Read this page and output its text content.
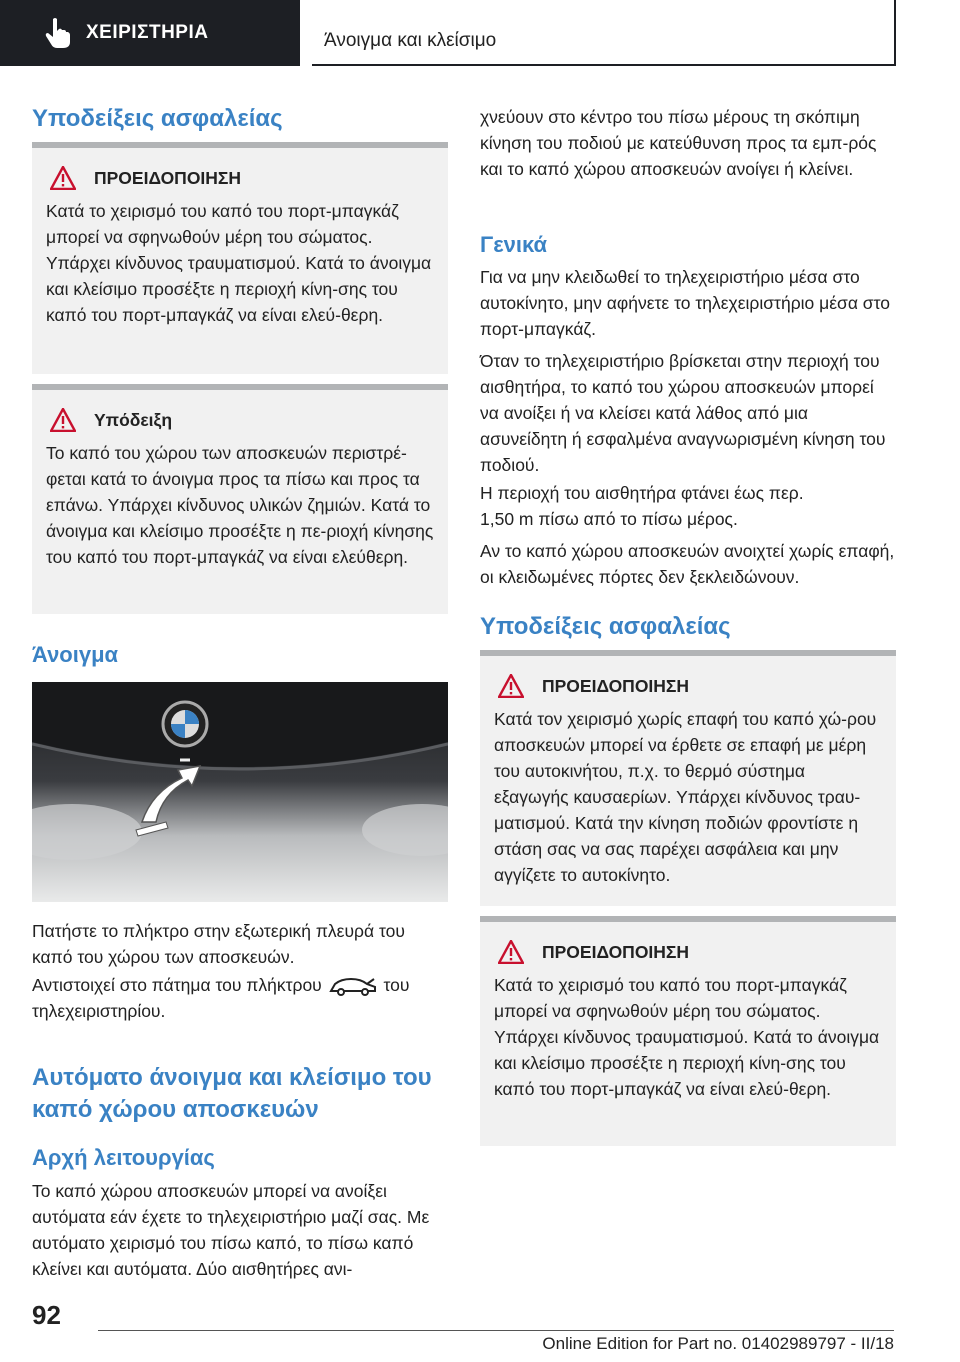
ΧΕΙΡΙΣΤΗΡΙΑ	Άνοιγμα και κλείσιμο
Υποδείξεις ασφαλείας
ΠΡΟΕΙΔΟΠΟΙΗΣΗ
Κατά το χειρισμό του καπό του πορτ-μπαγκάζ μπορεί να σφηνωθούν μέρη του σώματος. Υπάρχει κίνδυνος τραυματισμού. Κατά το άνοιγμα και κλείσιμο προσέξτε η περιοχή κίνη-σης του καπό του πορτ-μπαγκάζ να είναι ελεύ-θερη.
Υπόδειξη
Το καπό του χώρου των αποσκευών περιστρέ-φεται κατά το άνοιγμα προς τα πίσω και προς τα επάνω. Υπάρχει κίνδυνος υλικών ζημιών. Κατά το άνοιγμα και κλείσιμο προσέξτε η πε-ριοχή κίνησης του καπό του πορτ-μπαγκάζ να είναι ελεύθερη.
Άνοιγμα
Πατήστε το πλήκτρο στην εξωτερική πλευρά του καπό του χώρου των αποσκευών.
Αντιστοιχεί στο πάτημα του πλήκτρου	του τηλεχειριστηρίου.
Αυτόματο άνοιγμα και κλείσιμο του καπό χώρου αποσκευών
Αρχή λειτουργίας
Το καπό χώρου αποσκευών μπορεί να ανοίξει αυτόματα εάν έχετε το τηλεχειριστήριο μαζί σας. Με αυτόματο χειρισμό του πίσω καπό, το πίσω καπό κλείνει και αυτόματα. Δύο αισθητήρες ανι-
χνεύουν στο κέντρο του πίσω μέρους τη σκόπιμη κίνηση του ποδιού με κατεύθυνση προς τα εμπ-ρός και το καπό χώρου αποσκευών ανοίγει ή κλείνει.
Γενικά
Για να μην κλειδωθεί το τηλεχειριστήριο μέσα στο αυτοκίνητο, μην αφήνετε το τηλεχειριστήριο μέσα στο πορτ-μπαγκάζ.
Όταν το τηλεχειριστήριο βρίσκεται στην περιοχή του αισθητήρα, το καπό του χώρου αποσκευών μπορεί να ανοίξει ή να κλείσει κατά λάθος από μια ασυνείδητη ή εσφαλμένα αναγνωρισμένη κίνηση του ποδιού.
Η περιοχή του αισθητήρα φτάνει έως περ.
1,50 m πίσω από το πίσω μέρος.
Αν το καπό χώρου αποσκευών ανοιχτεί χωρίς επαφή, οι κλειδωμένες πόρτες δεν ξεκλειδώνουν.
Υποδείξεις ασφαλείας
ΠΡΟΕΙΔΟΠΟΙΗΣΗ
Κατά τον χειρισμό χωρίς επαφή του καπό χώ-ρου αποσκευών μπορεί να έρθετε σε επαφή με μέρη του αυτοκινήτου, π.χ. το θερμό σύστημα εξαγωγής καυσαερίων. Υπάρχει κίνδυνος τραυ-ματισμού. Κατά την κίνηση ποδιών φροντίστε η στάση σας να σας παρέχει ασφάλεια και μην αγγίζετε το αυτοκίνητο.
ΠΡΟΕΙΔΟΠΟΙΗΣΗ
Κατά το χειρισμό του καπό του πορτ-μπαγκάζ μπορεί να σφηνωθούν μέρη του σώματος. Υπάρχει κίνδυνος τραυματισμού. Κατά το άνοιγμα και κλείσιμο προσέξτε η περιοχή κίνη-σης του καπό του πορτ-μπαγκάζ να είναι ελεύ-θερη.
92
Online Edition for Part no. 01402989797 - II/18
